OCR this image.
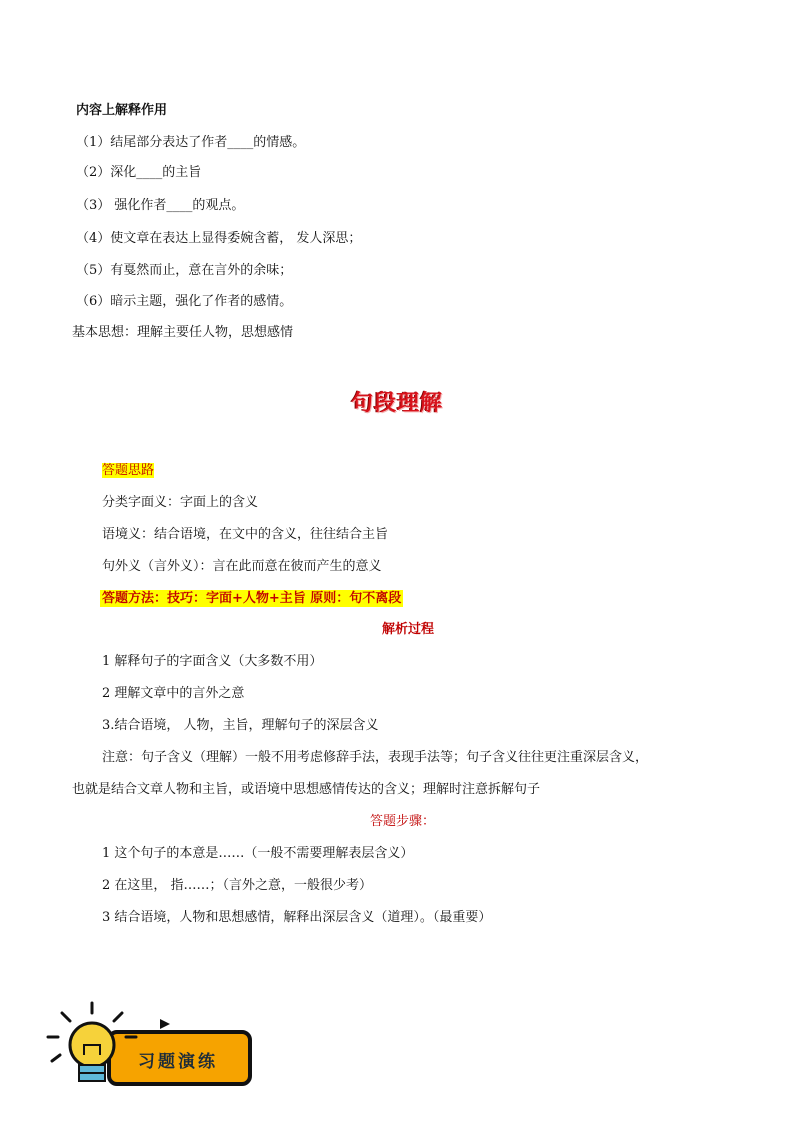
内容上解释作用
（1）结尾部分表达了作者____的情感。
（2）深化____的主旨
（3） 强化作者____的观点。
（4）使文章在表达上显得委婉含蓄， 发人深思；
（5）有戛然而止，意在言外的余味；
（6）暗示主题，强化了作者的感情。
基本思想：理解主要任人物，思想感情
句段理解
答题思路
分类字面义：字面上的含义
语境义：结合语境，在文中的含义，往往结合主旨
句外义（言外义）：言在此而意在彼而产生的意义
答题方法：技巧：字面+人物+主旨 原则：句不离段
解析过程
1 解释句子的字面含义（大多数不用）
2 理解文章中的言外之意
3.结合语境， 人物，主旨，理解句子的深层含义
注意：句子含义（理解）一般不用考虑修辞手法，表现手法等；句子含义往往更注重深层含义，
也就是结合文章人物和主旨，或语境中思想感情传达的含义；理解时注意拆解句子
答题步骤：
1 这个句子的本意是……（一般不需要理解表层含义）
2 在这里， 指……；（言外之意，一般很少考）
3 结合语境，人物和思想感情，解释出深层含义（道理）。（最重要）
习题演练
